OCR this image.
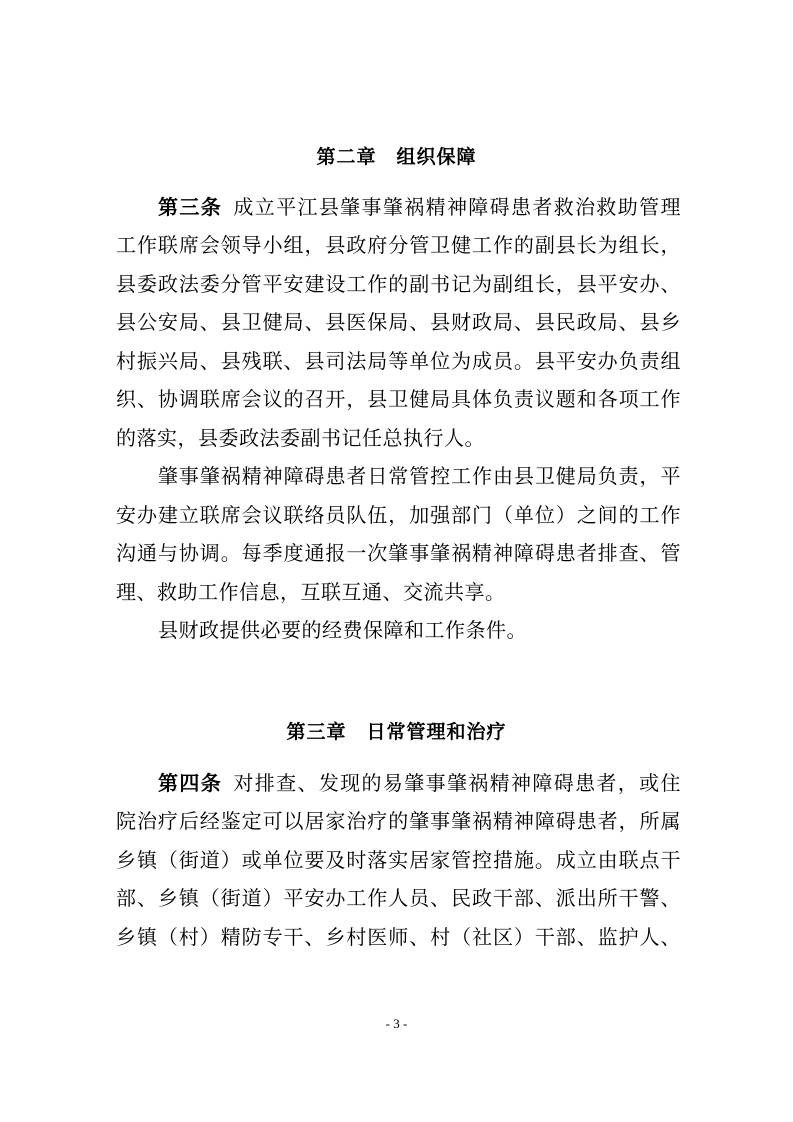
第二章　组织保障
第三条  成立平江县肇事肇祸精神障碍患者救治救助管理
工作联席会领导小组，县政府分管卫健工作的副县长为组长，
县委政法委分管平安建设工作的副书记为副组长，县平安办、
县公安局、县卫健局、县医保局、县财政局、县民政局、县乡
村振兴局、县残联、县司法局等单位为成员。县平安办负责组
织、协调联席会议的召开，县卫健局具体负责议题和各项工作
的落实，县委政法委副书记任总执行人。
肇事肇祸精神障碍患者日常管控工作由县卫健局负责，平
安办建立联席会议联络员队伍，加强部门（单位）之间的工作
沟通与协调。每季度通报一次肇事肇祸精神障碍患者排查、管
理、救助工作信息，互联互通、交流共享。
县财政提供必要的经费保障和工作条件。
第三章　日常管理和治疗
第四条  对排查、发现的易肇事肇祸精神障碍患者，或住
院治疗后经鉴定可以居家治疗的肇事肇祸精神障碍患者，所属
乡镇（街道）或单位要及时落实居家管控措施。成立由联点干
部、乡镇（街道）平安办工作人员、民政干部、派出所干警、
乡镇（村）精防专干、乡村医师、村（社区）干部、监护人、
- 3 -
